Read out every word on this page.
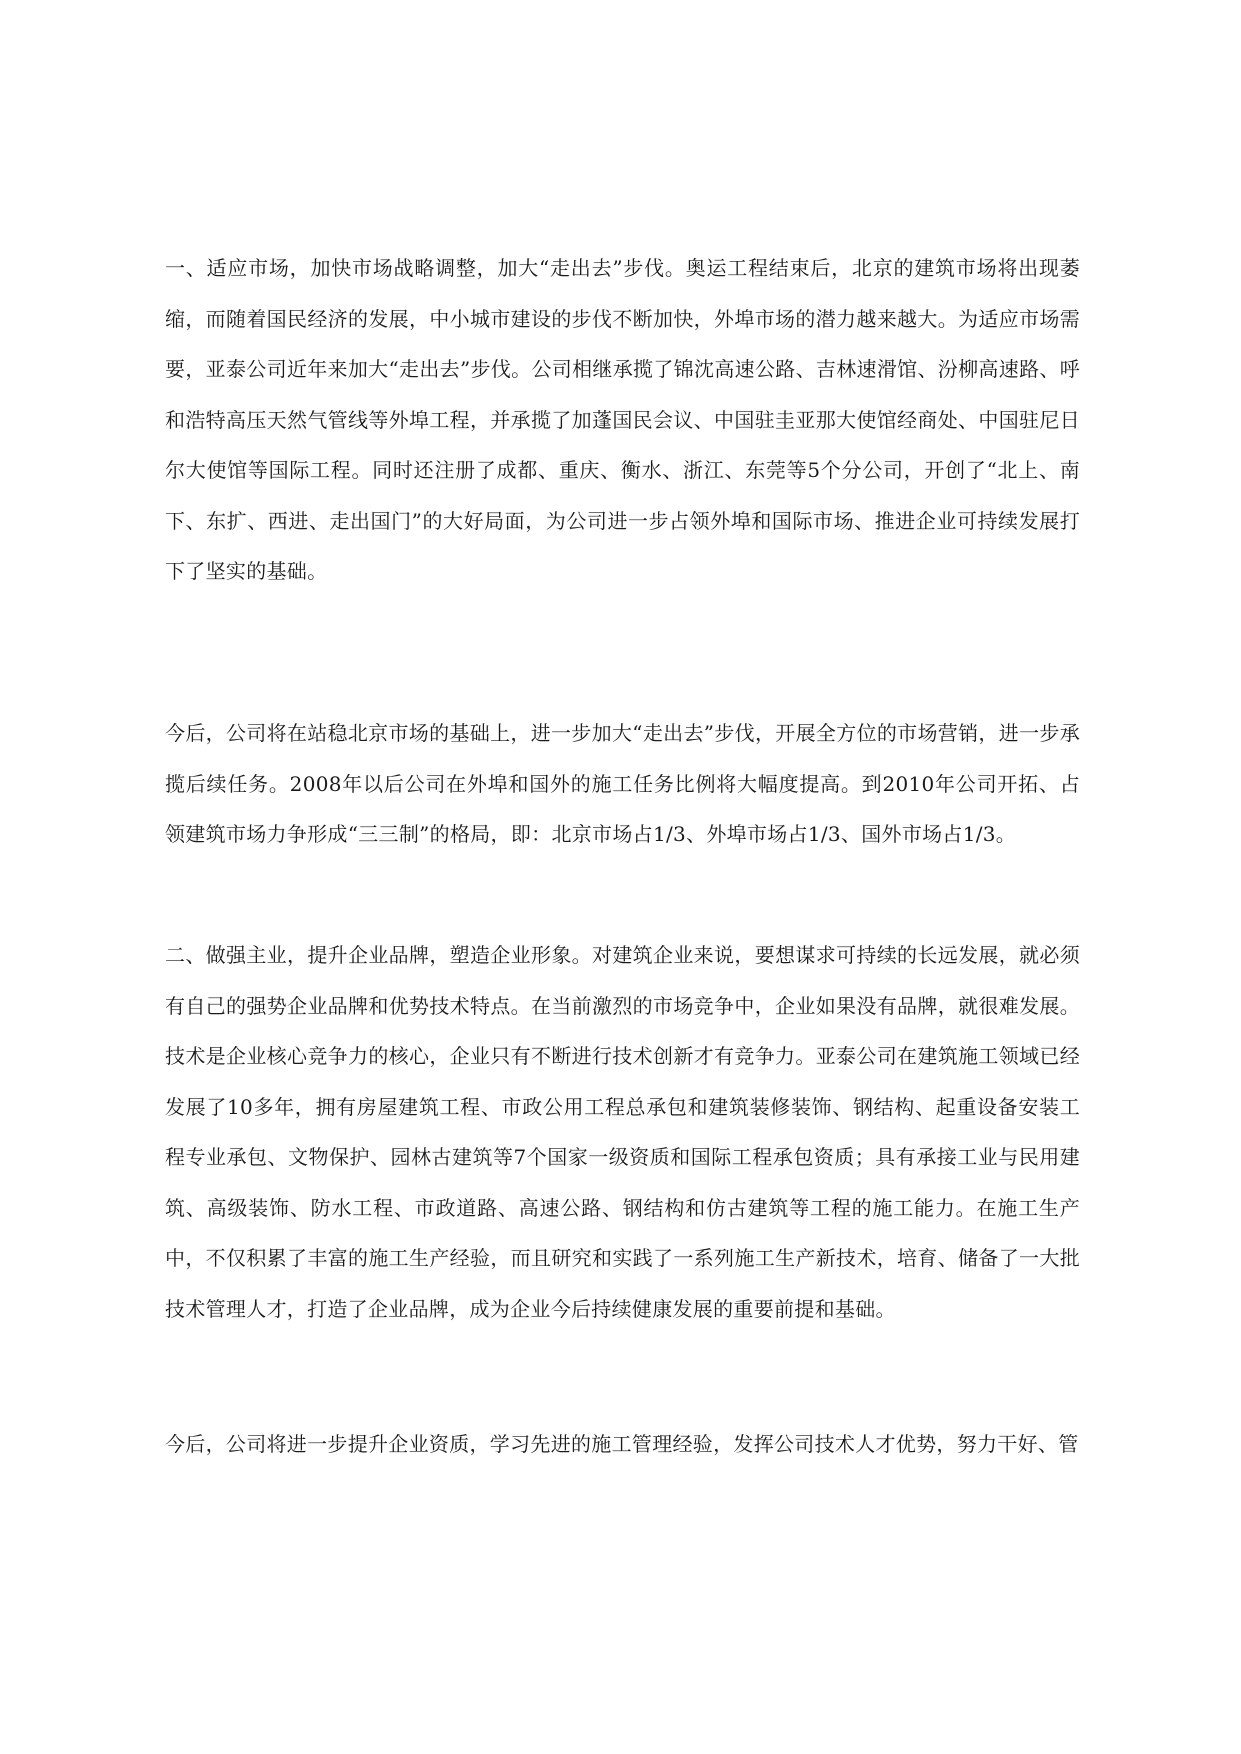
一、适应市场，加快市场战略调整，加大“走出去”步伐。奥运工程结束后，北京的建筑市场将出现萎缩，而随着国民经济的发展，中小城市建设的步伐不断加快，外埠市场的潜力越来越大。为适应市场需要，亚泰公司近年来加大“走出去”步伐。公司相继承揽了锦沈高速公路、吉林速滑馆、汾柳高速路、呼和浩特高压天然气管线等外埠工程，并承揽了加蓬国民会议、中国驻圭亚那大使馆经商处、中国驻尼日尔大使馆等国际工程。同时还注册了成都、重庆、衡水、浙江、东莞等5个分公司，开创了“北上、南下、东扩、西进、走出国门”的大好局面，为公司进一步占领外埠和国际市场、推进企业可持续发展打下了坚实的基础。

今后，公司将在站稳北京市场的基础上，进一步加大“走出去”步伐，开展全方位的市场营销，进一步承揽后续任务。2008年以后公司在外埠和国外的施工任务比例将大幅度提高。到2010年公司开拓、占领建筑市场力争形成“三三制”的格局，即：北京市场占1/3、外埠市场占1/3、国外市场占1/3。

二、做强主业，提升企业品牌，塑造企业形象。对建筑企业来说，要想谋求可持续的长远发展，就必须有自己的强势企业品牌和优势技术特点。在当前激烈的市场竞争中，企业如果没有品牌，就很难发展。技术是企业核心竞争力的核心，企业只有不断进行技术创新才有竞争力。亚泰公司在建筑施工领域已经发展了10多年，拥有房屋建筑工程、市政公用工程总承包和建筑装修装饰、钢结构、起重设备安装工程专业承包、文物保护、园林古建筑等7个国家一级资质和国际工程承包资质；具有承接工业与民用建筑、高级装饰、防水工程、市政道路、高速公路、钢结构和仿古建筑等工程的施工能力。在施工生产中，不仅积累了丰富的施工生产经验，而且研究和实践了一系列施工生产新技术，培育、储备了一大批技术管理人才，打造了企业品牌，成为企业今后持续健康发展的重要前提和基础。

今后，公司将进一步提升企业资质，学习先进的施工管理经验，发挥公司技术人才优势，努力干好、管
